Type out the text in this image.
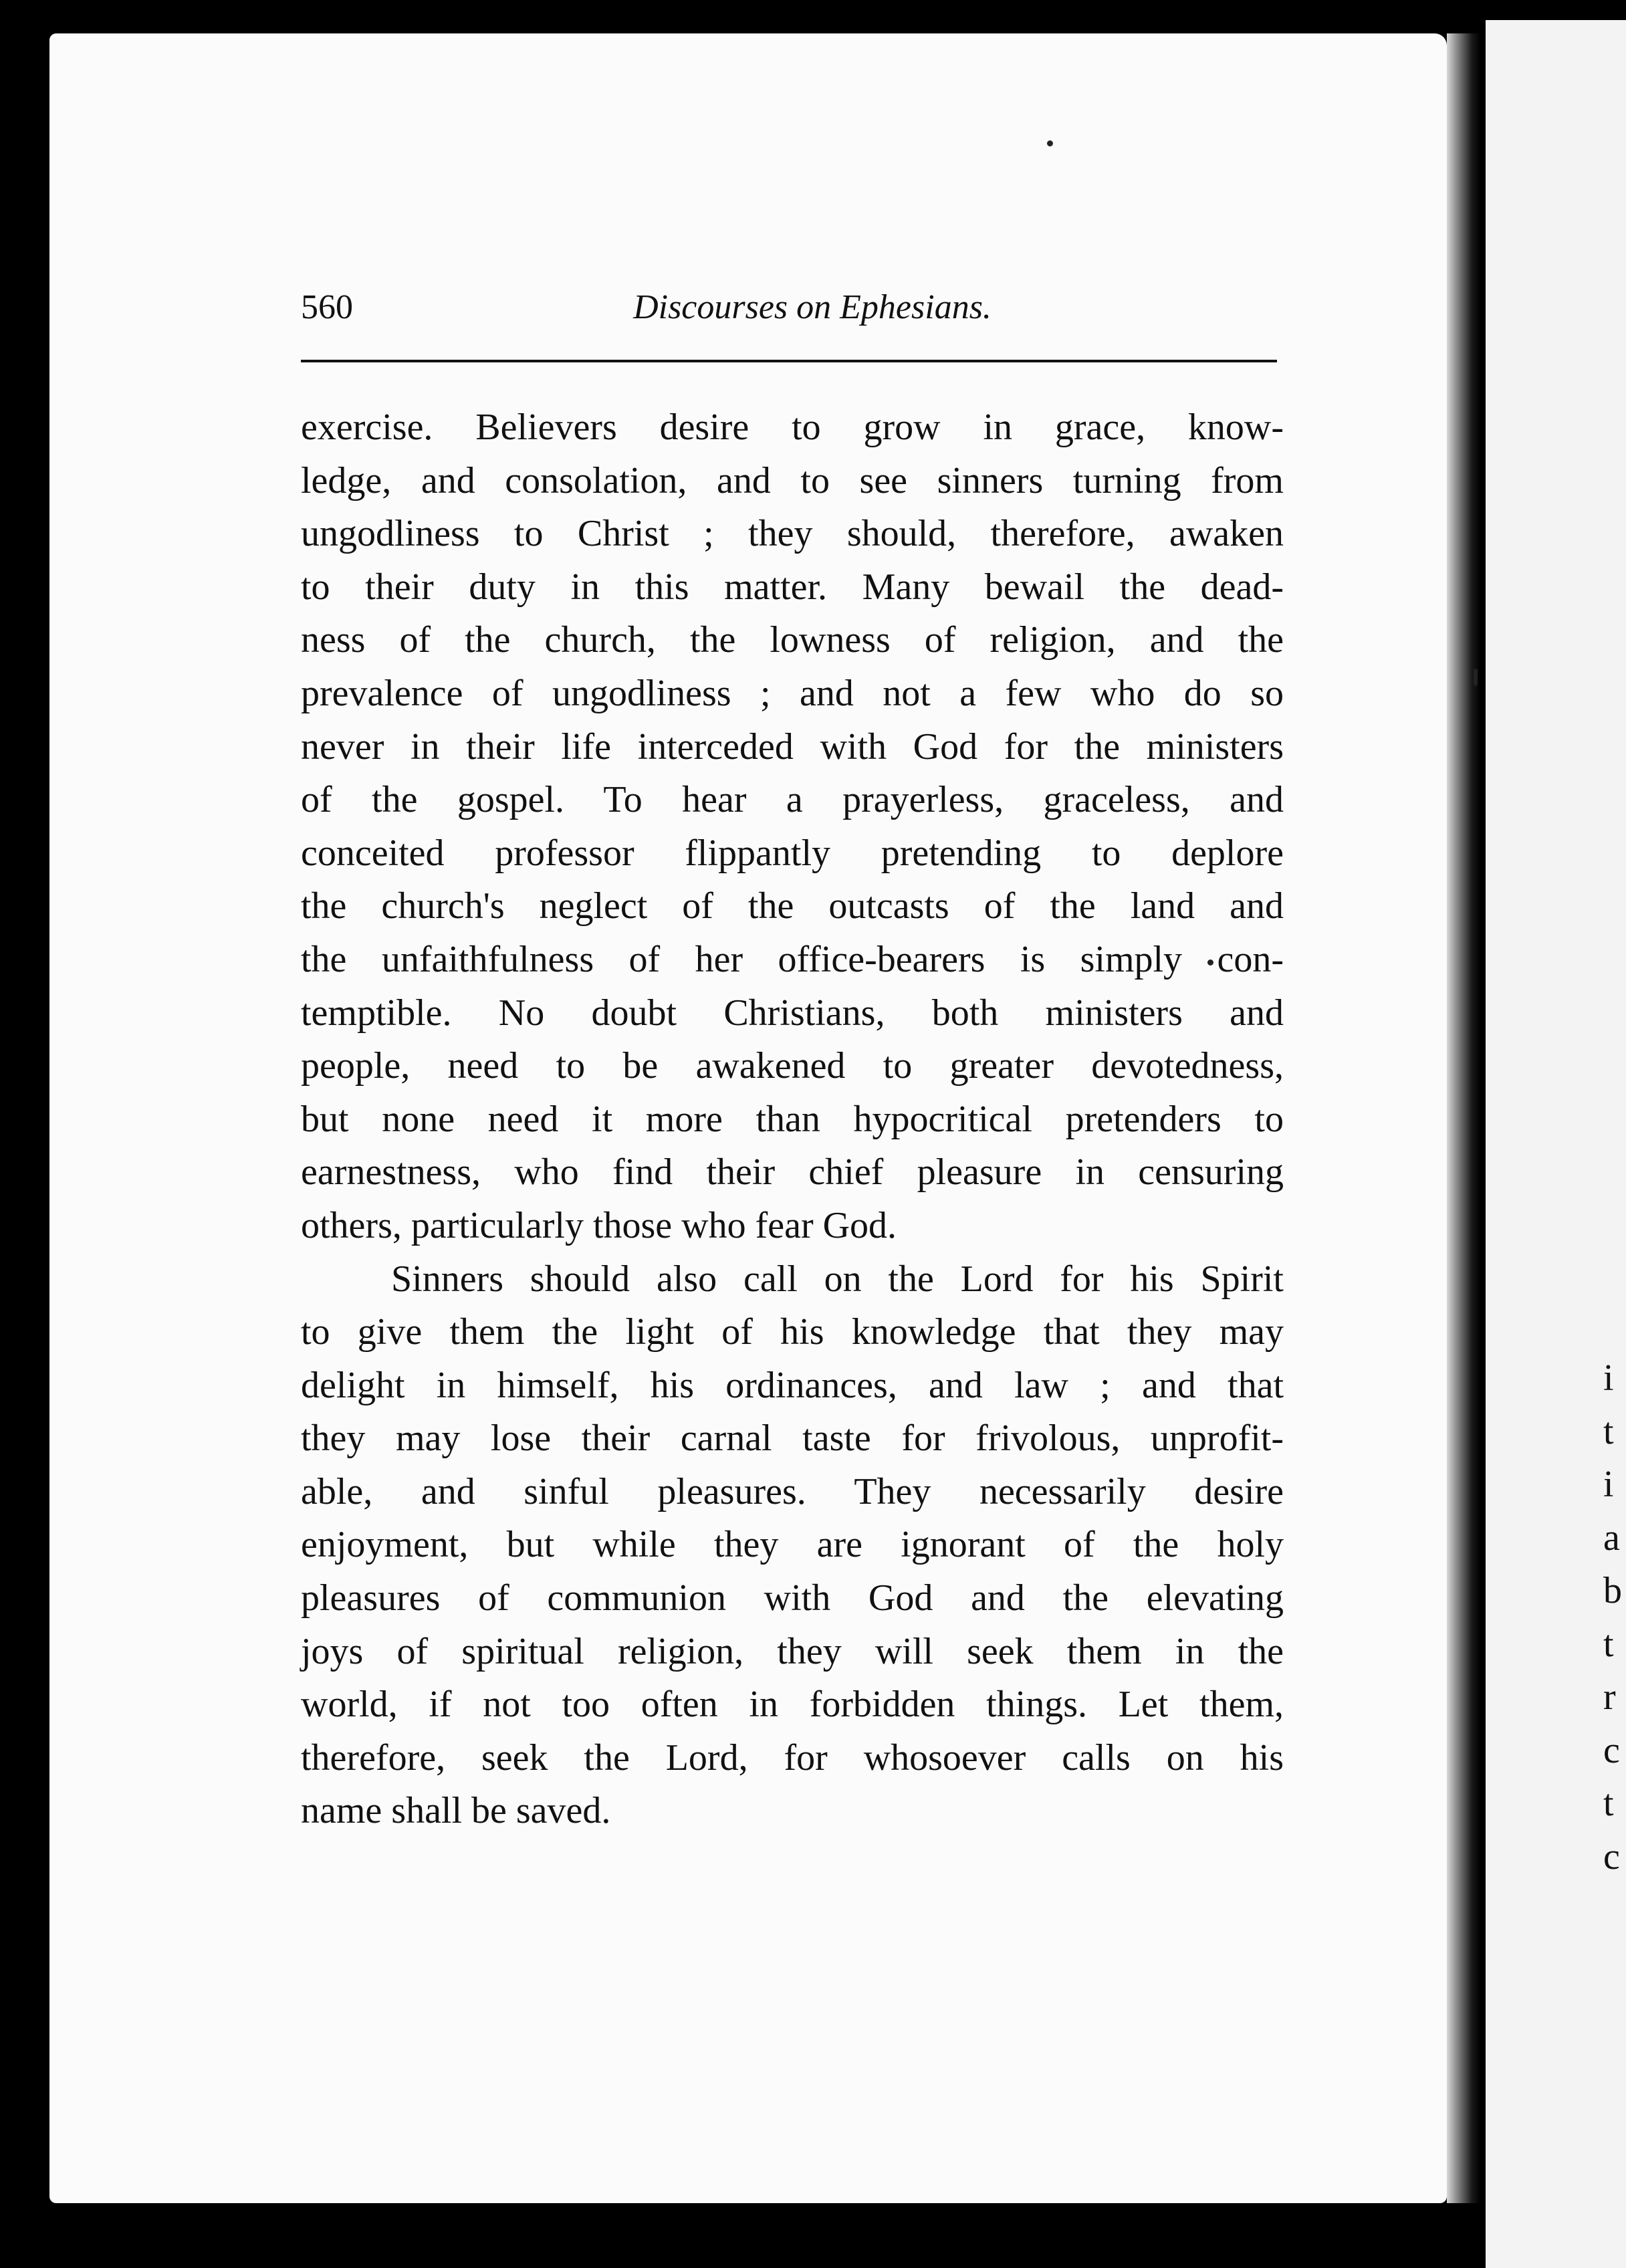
i
t
i
a
b
t
r
c
t
c
560	Discourses on Ephesians.
exercise. Believers desire to grow in grace, know-
ledge, and consolation, and to see sinners turning from
ungodliness to Christ ; they should, therefore, awaken
to their duty in this matter. Many bewail the dead-
ness of the church, the lowness of religion, and the
prevalence of ungodliness ; and not a few who do so
never in their life interceded with God for the ministers
of the gospel. To hear a prayerless, graceless, and
conceited professor flippantly pretending to deplore
the church's neglect of the outcasts of the land and
the unfaithfulness of her office-bearers is simply con-
temptible. No doubt Christians, both ministers and
people, need to be awakened to greater devotedness,
but none need it more than hypocritical pretenders to
earnestness, who find their chief pleasure in censuring
others, particularly those who fear God.
Sinners should also call on the Lord for his Spirit
to give them the light of his knowledge that they may
delight in himself, his ordinances, and law ; and that
they may lose their carnal taste for frivolous, unprofit-
able, and sinful pleasures. They necessarily desire
enjoyment, but while they are ignorant of the holy
pleasures of communion with God and the elevating
joys of spiritual religion, they will seek them in the
world, if not too often in forbidden things. Let them,
therefore, seek the Lord, for whosoever calls on his
name shall be saved.
